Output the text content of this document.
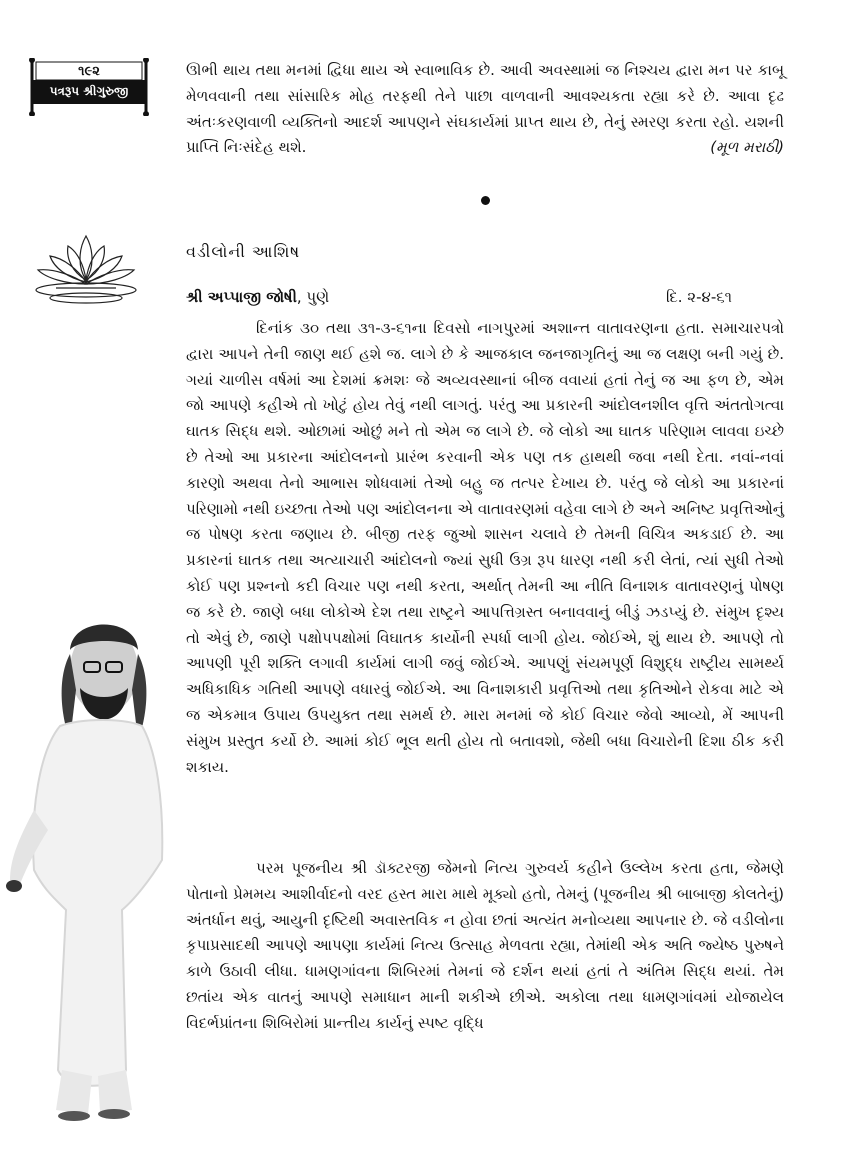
૧૯૨
પત્રરૂપ શ્રીગુરુજી

ઊભી થાય તથા મનમાં દ્વિધા થાય એ સ્વાભાવિક છે. આવી અવસ્થામાં જ નિશ્ચય દ્વારા મન પર કાબૂ મેળવવાની તથા સાંસારિક મોહ તરફથી તેને પાછા વાળવાની આવશ્યકતા રહ્યા કરે છે. આવા દૃઢ અંતઃકરણવાળી વ્યક્તિનો આદર્શ આપણને સંઘકાર્યમાં પ્રાપ્ત થાય છે, તેનું સ્મરણ કરતા રહો. યશની પ્રાપ્તિ નિઃસંદેહ થશે.	(મૂળ મરાઠી)

વડીલોની આશિષ
શ્રી અપ્પાજી જોષી, પુણે	દિ. ૨-૪-૬૧

દિનાંક ૩૦ તથા ૩૧-૩-૬૧ના દિવસો નાગપુરમાં અશાન્ત વાતાવરણના હતા. સમાચારપત્રો દ્વારા આપને તેની જાણ થઈ હશે જ. લાગે છે કે આજકાલ જનજાગૃતિનું આ જ લક્ષણ બની ગયું છે. ગયાં ચાળીસ વર્ષમાં આ દેશમાં ક્રમશઃ જે અવ્યવસ્થાનાં બીજ વવાયાં હતાં તેનું જ આ ફળ છે, એમ જો આપણે કહીએ તો ખોટું હોય તેવું નથી લાગતું. પરંતુ આ પ્રકારની આંદોલનશીલ વૃત્તિ અંતતોગત્વા ઘાતક સિદ્ધ થશે. ઓછામાં ઓછું મને તો એમ જ લાગે છે. જે લોકો આ ઘાતક પરિણામ લાવવા ઇચ્છે છે તેઓ આ પ્રકારના આંદોલનનો પ્રારંભ કરવાની એક પણ તક હાથથી જવા નથી દેતા. નવાં-નવાં કારણો અથવા તેનો આભાસ શોધવામાં તેઓ બહુ જ તત્પર દેખાય છે. પરંતુ જે લોકો આ પ્રકારનાં પરિણામો નથી ઇચ્છતા તેઓ પણ આંદોલનના એ વાતાવરણમાં વહેવા લાગે છે અને અનિષ્ટ પ્રવૃત્તિઓનું જ પોષણ કરતા જણાય છે. બીજી તરફ જુઓ શાસન ચલાવે છે તેમની વિચિત્ર અકડાઈ છે. આ પ્રકારનાં ઘાતક તથા અત્યાચારી આંદોલનો જ્યાં સુધી ઉગ્ર રૂપ ધારણ નથી કરી લેતાં, ત્યાં સુધી તેઓ કોઈ પણ પ્રશ્નનો કદી વિચાર પણ નથી કરતા, અર્થાત્ તેમની આ નીતિ વિનાશક વાતાવરણનું પોષણ જ કરે છે. જાણે બધા લોકોએ દેશ તથા રાષ્ટ્રને આપત્તિગ્રસ્ત બનાવવાનું બીડું ઝડપ્યું છે. સંમુખ દૃશ્ય તો એવું છે, જાણે પક્ષોપપક્ષોમાં વિઘાતક કાર્યોની સ્પર્ધા લાગી હોય. જોઈએ, શું થાય છે. આપણે તો આપણી પૂરી શક્તિ લગાવી કાર્યમાં લાગી જવું જોઈએ. આપણું સંયમપૂર્ણ વિશુદ્ધ રાષ્ટ્રીય સામર્થ્ય અધિકાધિક ગતિથી આપણે વધારવું જોઈએ. આ વિનાશકારી પ્રવૃત્તિઓ તથા કૃતિઓને રોકવા માટે એ જ એકમાત્ર ઉપાય ઉપયુક્ત તથા સમર્થ છે. મારા મનમાં જે કોઈ વિચાર જેવો આવ્યો, મેં આપની સંમુખ પ્રસ્તુત કર્યો છે. આમાં કોઈ ભૂલ થતી હોય તો બતાવશો, જેથી બધા વિચારોની દિશા ઠીક કરી શકાય.

પરમ પૂજનીય શ્રી ડૉક્ટરજી જેમનો નિત્ય ગુરુવર્ય કહીને ઉલ્લેખ કરતા હતા, જેમણે પોતાનો પ્રેમમય આશીર્વાદનો વરદ હસ્ત મારા માથે મૂક્યો હતો, તેમનું (પૂજનીય શ્રી બાબાજી કોલતેનું) અંતર્ધાન થવું, આયુની દૃષ્ટિથી અવાસ્તવિક ન હોવા છતાં અત્યંત મનોવ્યથા આપનાર છે. જે વડીલોના કૃપાપ્રસાદથી આપણે આપણા કાર્યમાં નિત્ય ઉત્સાહ મેળવતા રહ્યા, તેમાંથી એક અતિ જ્યેષ્ઠ પુરુષને કાળે ઉઠાવી લીધા. ધામણગાંવના શિબિરમાં તેમનાં જે દર્શન થયાં હતાં તે અંતિમ સિદ્ધ થયાં. તેમ છતાંય એક વાતનું આપણે સમાધાન માની શકીએ છીએ. અકોલા તથા ધામણગાંવમાં યોજાયેલ વિદર્ભપ્રાંતના શિબિરોમાં પ્રાન્તીય કાર્યનું સ્પષ્ટ વૃદ્ધિ
